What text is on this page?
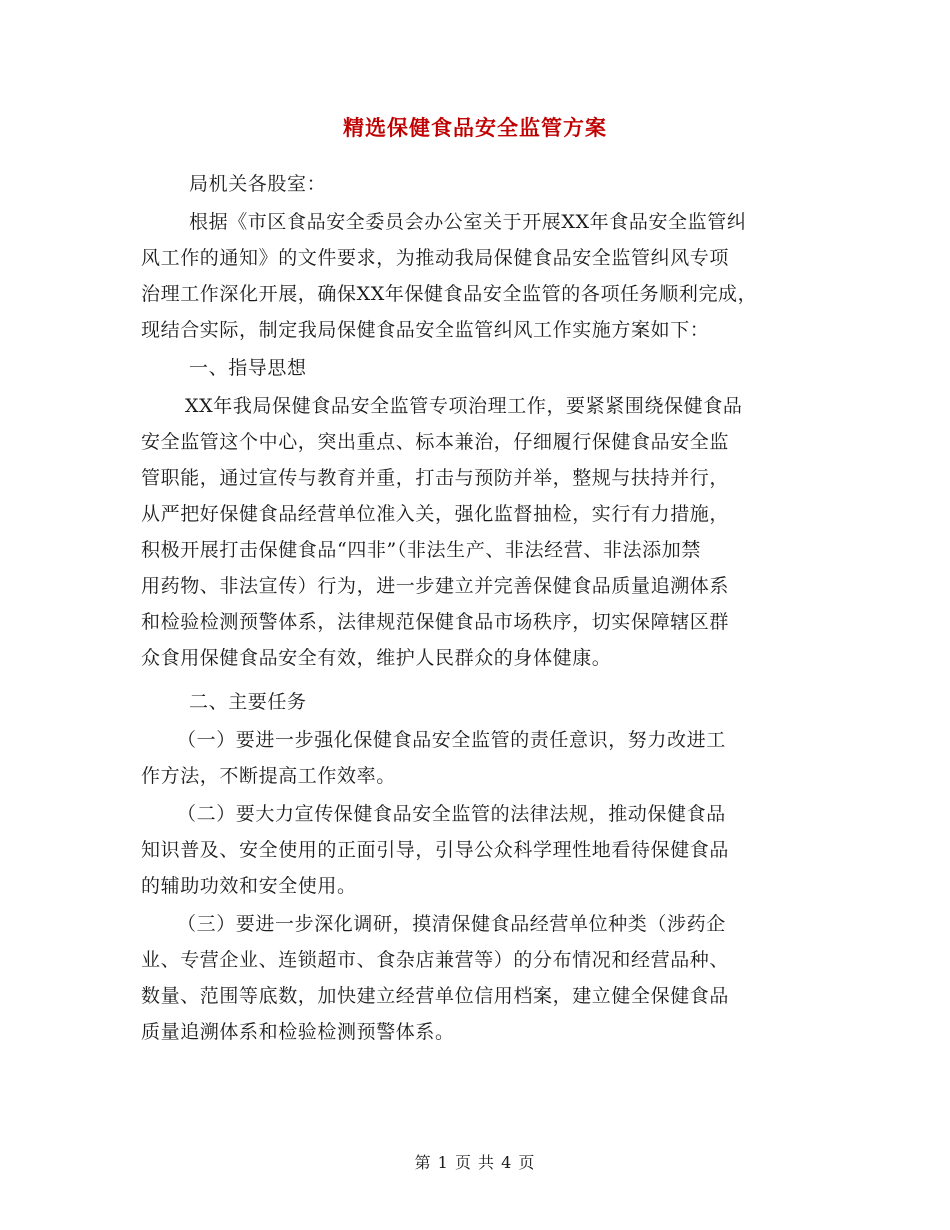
精选保健食品安全监管方案
局机关各股室：
根据《市区食品安全委员会办公室关于开展XX年食品安全监管纠
风工作的通知》的文件要求，为推动我局保健食品安全监管纠风专项
治理工作深化开展，确保XX年保健食品安全监管的各项任务顺利完成，
现结合实际，制定我局保健食品安全监管纠风工作实施方案如下：
一、指导思想
XX年我局保健食品安全监管专项治理工作，要紧紧围绕保健食品
安全监管这个中心，突出重点、标本兼治，仔细履行保健食品安全监
管职能，通过宣传与教育并重，打击与预防并举，整规与扶持并行，
从严把好保健食品经营单位准入关，强化监督抽检，实行有力措施，
积极开展打击保健食品“四非”（非法生产、非法经营、非法添加禁
用药物、非法宣传）行为，进一步建立并完善保健食品质量追溯体系
和检验检测预警体系，法律规范保健食品市场秩序，切实保障辖区群
众食用保健食品安全有效，维护人民群众的身体健康。
二、主要任务
（一）要进一步强化保健食品安全监管的责任意识，努力改进工
作方法，不断提高工作效率。
（二）要大力宣传保健食品安全监管的法律法规，推动保健食品
知识普及、安全使用的正面引导，引导公众科学理性地看待保健食品
的辅助功效和安全使用。
（三）要进一步深化调研，摸清保健食品经营单位种类（涉药企
业、专营企业、连锁超市、食杂店兼营等）的分布情况和经营品种、
数量、范围等底数，加快建立经营单位信用档案，建立健全保健食品
质量追溯体系和检验检测预警体系。
第 1 页 共 4 页
